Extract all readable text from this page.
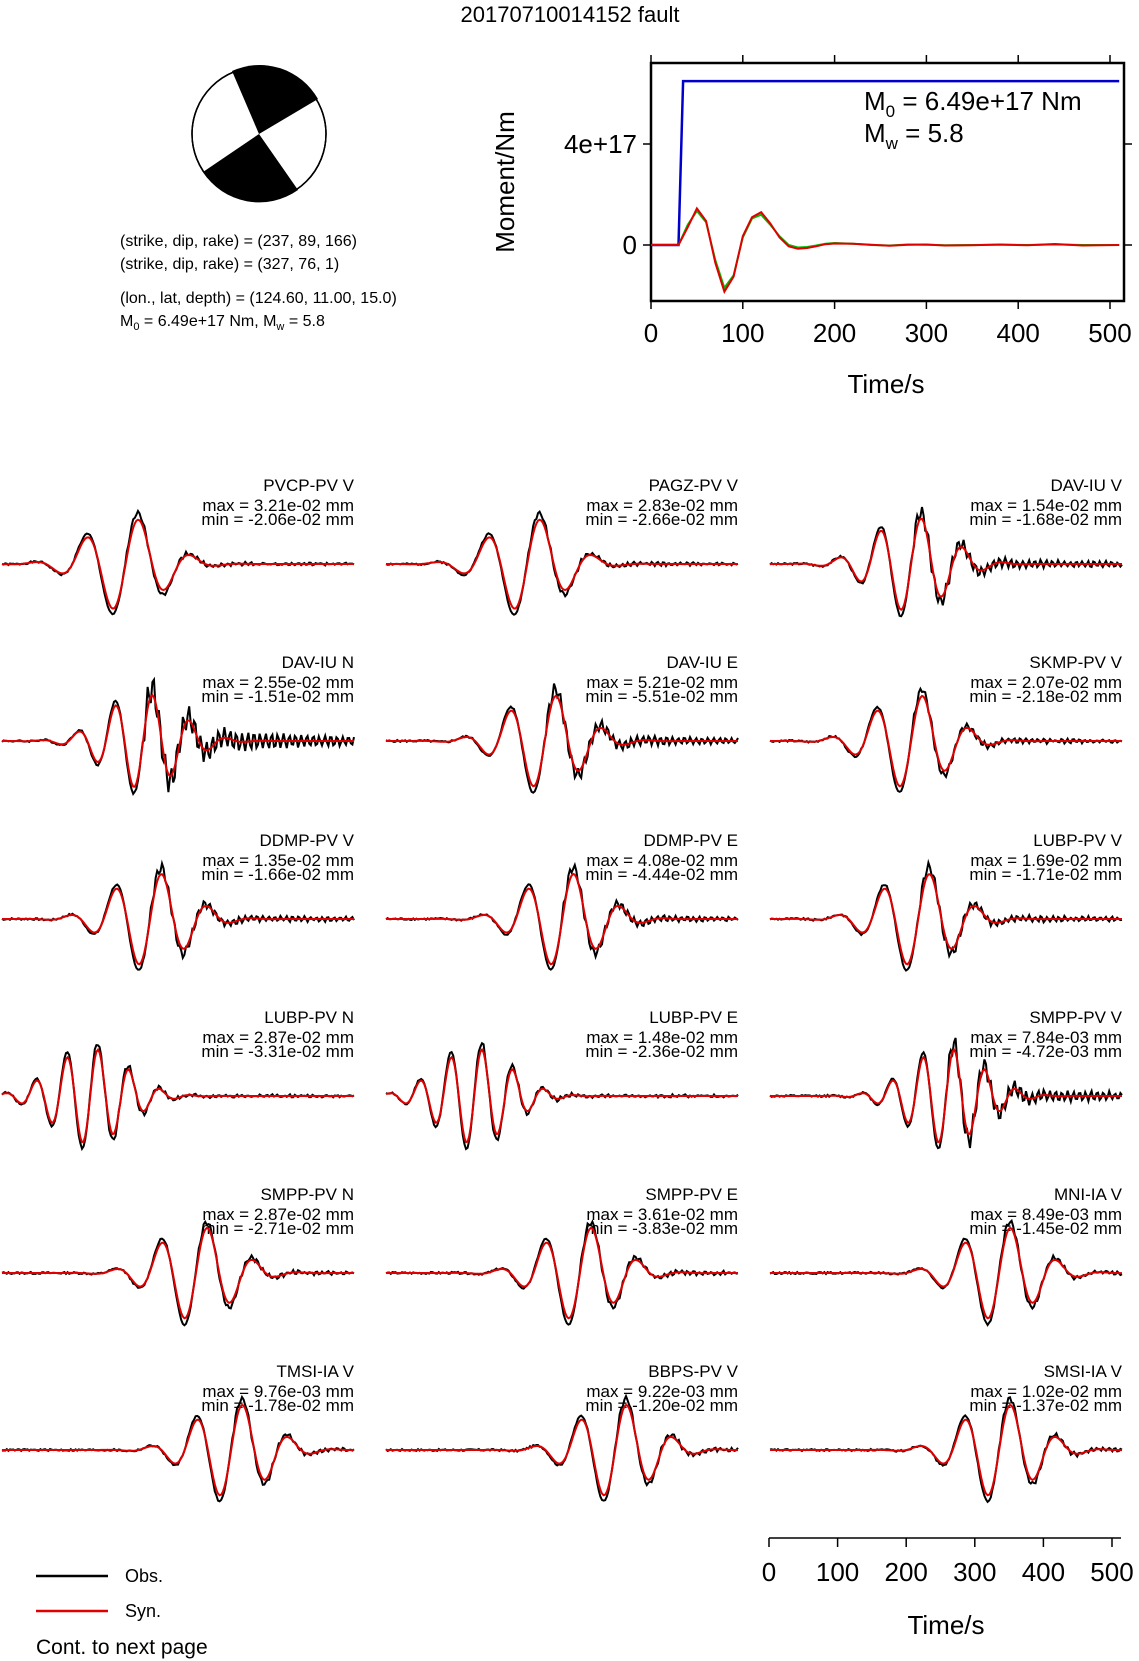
20170710014152 fault
(strike, dip, rake) = (237, 89, 166)
(strike, dip, rake) = (327, 76, 1)
(lon., lat, depth) = (124.60, 11.00, 15.0)
$M_0 = 6.49e+17$ Nm, $M_w = 5.8$	0 100 200 300 400 500
0
4e+17
Time/s
Moment/Nm
$M_0 = 6.49e+17$ Nm
$M_w = 5.8$
PVCP-PV V
max = 3.21e-02 mm
min = -2.06e-02 mm
PAGZ-PV V
max = 2.83e-02 mm
min = -2.66e-02 mm
DAV-IU V
max = 1.54e-02 mm
min = -1.68e-02 mm
DAV-IU N
max = 2.55e-02 mm
min = -1.51e-02 mm
DAV-IU E
max = 5.21e-02 mm
min = -5.51e-02 mm
SKMP-PV V
max = 2.07e-02 mm
min = -2.18e-02 mm
DDMP-PV V
max = 1.35e-02 mm
min = -1.66e-02 mm
DDMP-PV E
max = 4.08e-02 mm
min = -4.44e-02 mm
LUBP-PV V
max = 1.69e-02 mm
min = -1.71e-02 mm
LUBP-PV N
max = 2.87e-02 mm
min = -3.31e-02 mm
LUBP-PV E
max = 1.48e-02 mm
min = -2.36e-02 mm
SMPP-PV V
max = 7.84e-03 mm
min = -4.72e-03 mm
SMPP-PV N
max = 2.87e-02 mm
min = -2.71e-02 mm
SMPP-PV E
max = 3.61e-02 mm
min = -3.83e-02 mm
MNI-IA V
max = 8.49e-03 mm
min = -1.45e-02 mm
TMSI-IA V
max = 9.76e-03 mm
min = -1.78e-02 mm
BBPS-PV V
max = 9.22e-03 mm
min = -1.20e-02 mm
SMSI-IA V
max = 1.02e-02 mm
min = -1.37e-02 mm
0 100 200 300 400 500
Time/s
Obs.
Syn.
Cont. to next page
